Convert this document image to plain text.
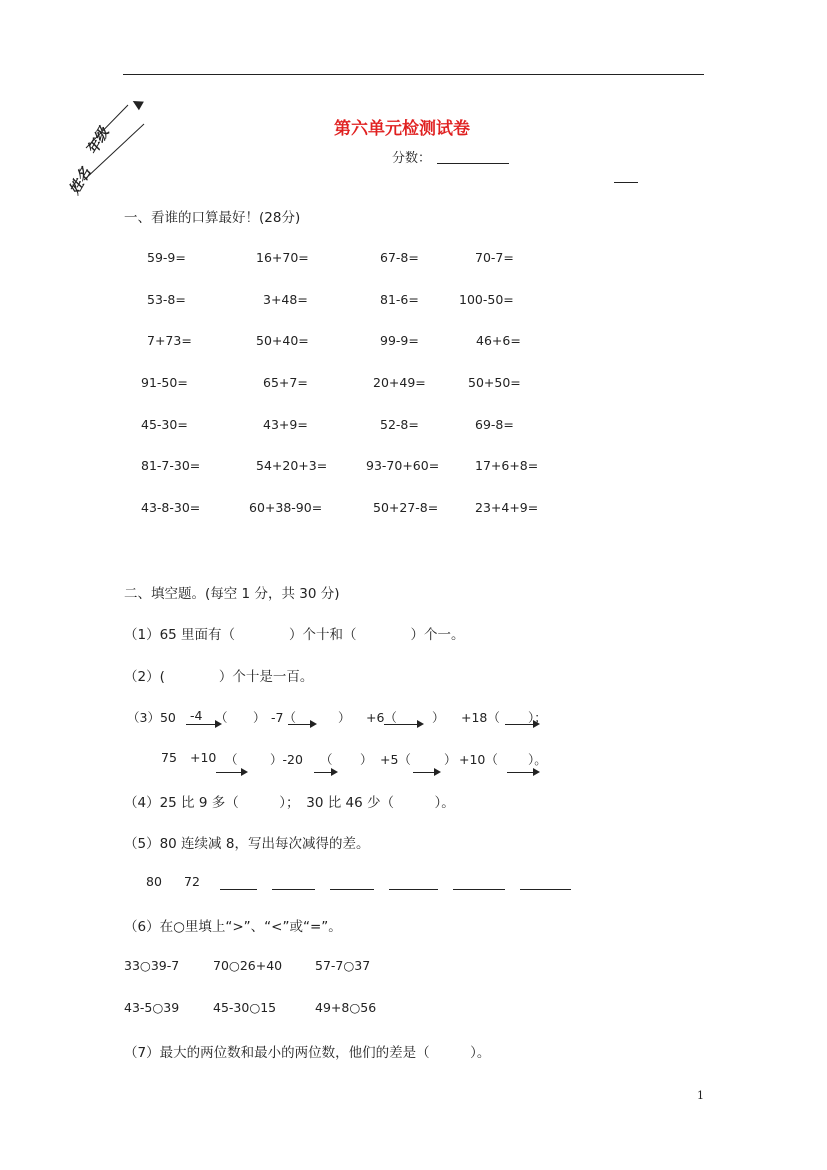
年级
▲
姓名
第六单元检测试卷
分数：
一、看谁的口算最好！(28分)
59-9=	16+70=	67-8=	70-7=
53-8=	3+48=	81-6=	100-50=
7+73=	50+40=	99-9=	46+6=
91-50=	65+7=	20+49=	50+50=
45-30=	43+9=	52-8=	69-8=
81-7-30=	54+20+3=	93-70+60=	17+6+8=
43-8-30=	60+38-90=	50+27-8=	23+4+9=
二、填空题。(每空 1 分，共 30 分)
（1）65 里面有（　　　　）个十和（　　　　）个一。
（2）(　　　　）个十是一百。
（3）50 -4 （ ） -7（	） +6（	） +18（ ）；
75 +10 （	）-20 （ ） +5（	） +10（ ）。
（4）25 比 9 多（　　　）；　30 比 46 少（　　　）。
（5）80 连续减 8，写出每次减得的差。
80 72
（6）在○里填上“>”、“<”或“=”。
33○39-7	70○26+40	57-7○37
43-5○39	45-30○15	49+8○56
（7）最大的两位数和最小的两位数，他们的差是（　　　）。
1
